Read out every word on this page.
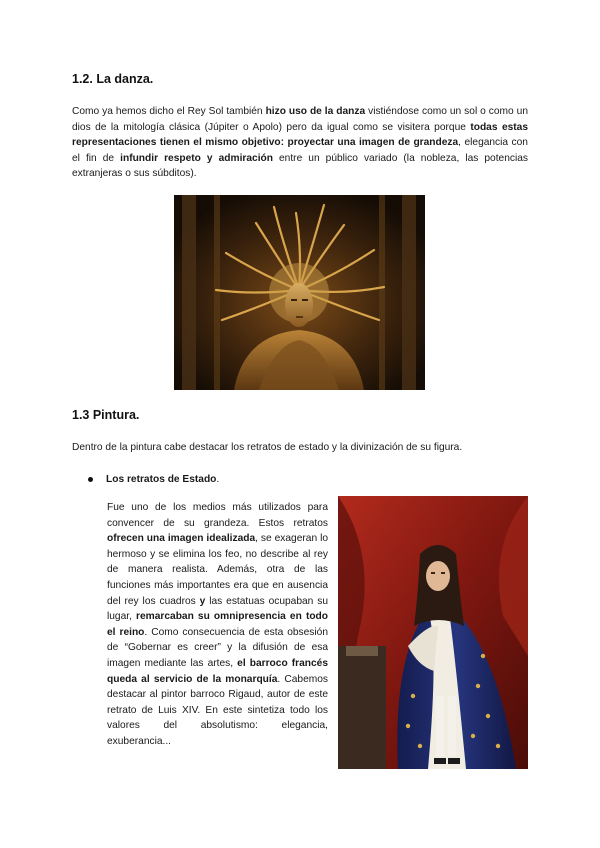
1.2. La danza.

Como ya hemos dicho el Rey Sol también hizo uso de la danza vistiéndose como un sol o como un dios de la mitología clásica (Júpiter o Apolo) pero da igual como se visitera porque todas estas representaciones tienen el mismo objetivo: proyectar una imagen de grandeza, elegancia con el fin de infundir respeto y admiración entre un público variado (la nobleza, las potencias extranjeras o sus súbditos).

1.3 Pintura.

Dentro de la pintura cabe destacar los retratos de estado y la divinización de su figura.

Los retratos de Estado .

Fue uno de los medios más utilizados para convencer de su grandeza. Estos retratos ofrecen una imagen idealizada, se exageran lo hermoso y se elimina los feo, no describe al rey de manera realista. Además, otra de las funciones más importantes era que en ausencia del rey los cuadros y las estatuas ocupaban su lugar, remarcaban su omnipresencia en todo el reino. Como consecuencia de esta obsesión de “Gobernar es creer” y la difusión de esa imagen mediante las artes, el barroco francés queda al servicio de la monarquía. Cabemos destacar al pintor barroco Rigaud, autor de este retrato de Luis XIV. En este sintetiza todo los valores del absolutismo: elegancia, exuberancia...
